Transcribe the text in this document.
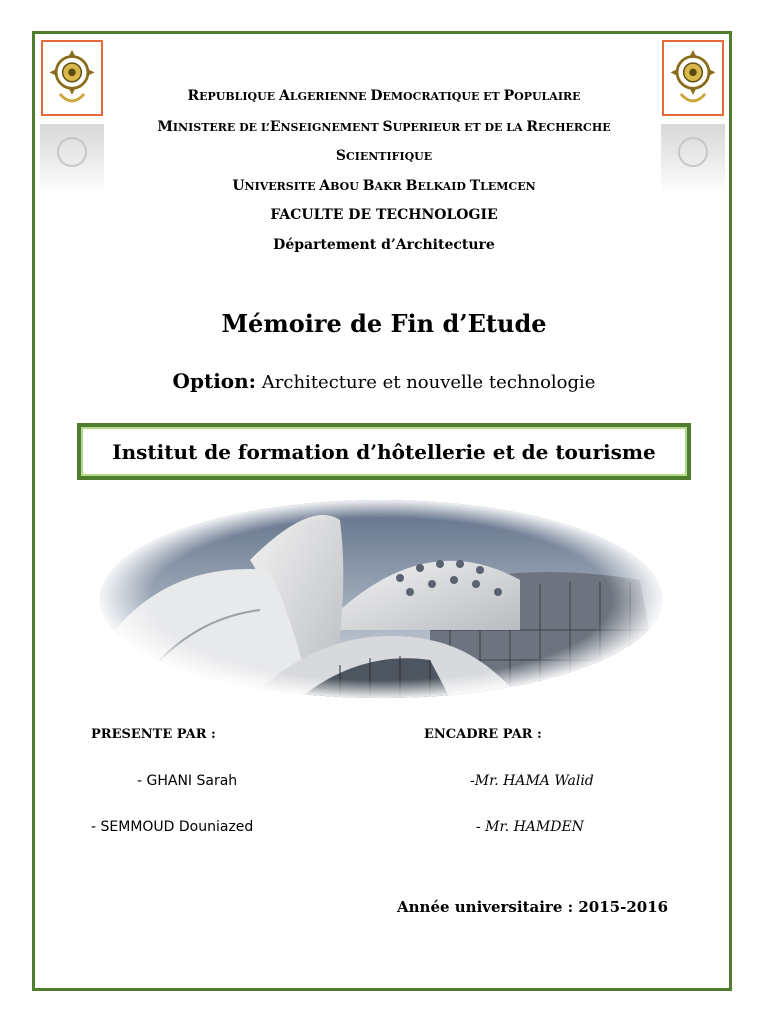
REPUBLIQUE ALGERIENNE DEMOCRATIQUE ET POPULAIRE
MINISTERE DE L’ENSEIGNEMENT SUPERIEUR ET DE LA RECHERCHE
SCIENTIFIQUE
UNIVERSITE ABOU BAKR BELKAID TLEMCEN
FACULTE DE TECHNOLOGIE
Département d’Architecture
Mémoire de Fin d’Etude
Option: Architecture et nouvelle technologie
Institut de formation d’hôtellerie et de tourisme
PRESENTE PAR :	ENCADRE PAR :
- GHANI Sarah
- SEMMOUD Douniazed
-Mr. HAMA Walid
- Mr. HAMDEN
Année universitaire : 2015-2016
